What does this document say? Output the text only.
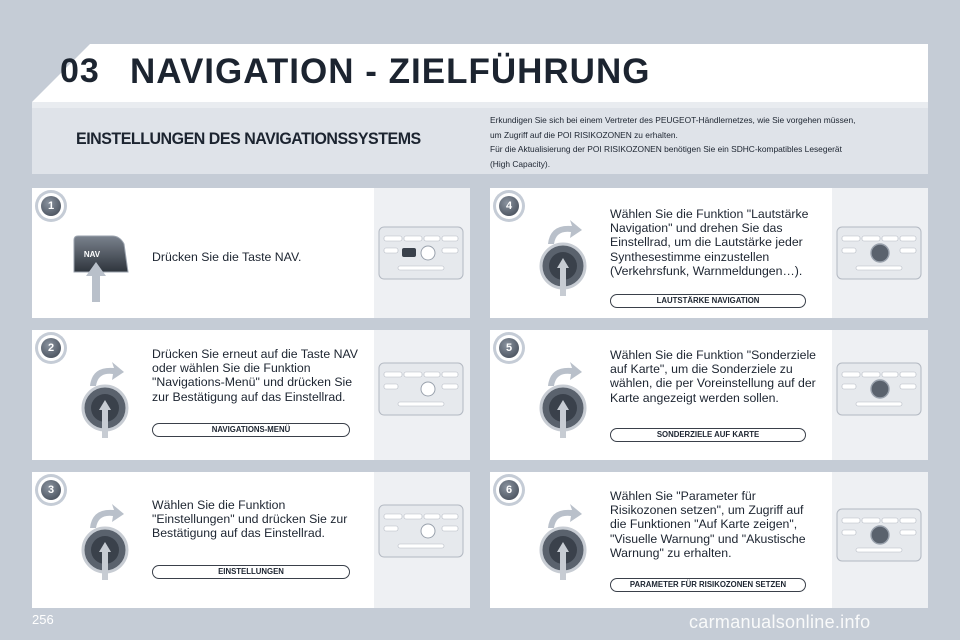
03 NAVIGATION - ZIELFÜHRUNG
EINSTELLUNGEN DES NAVIGATIONSSYSTEMS
Erkundigen Sie sich bei einem Vertreter des PEUGEOT-Händlernetzes, wie Sie vorgehen müssen,
um Zugriff auf die POI RISIKOZONEN zu erhalten.
Für die Aktualisierung der POI RISIKOZONEN benötigen Sie ein SDHC-kompatibles Lesegerät
(High Capacity).
1
2
3
4
5
6
NAV	Drücken Sie die Taste NAV.
Drücken Sie erneut auf die Taste NAV oder wählen Sie die Funktion "Navigations-Menü" und drücken Sie zur Bestätigung auf das Einstellrad.
Wählen Sie die Funktion "Einstellungen" und drücken Sie zur Bestätigung auf das Einstellrad.
Wählen Sie die Funktion "Lautstärke Navigation" und drehen Sie das Einstellrad, um die Lautstärke jeder Synthesestimme einzustellen (Verkehrsfunk, Warnmeldungen…).
Wählen Sie die Funktion "Sonderziele auf Karte", um die Sonderziele zu wählen, die per Voreinstellung auf der Karte angezeigt werden sollen.
Wählen Sie "Parameter für Risikozonen setzen", um Zugriff auf die Funktionen "Auf Karte zeigen", "Visuelle Warnung" und "Akustische Warnung" zu erhalten.
NAVIGATIONS-MENÜ
EINSTELLUNGEN
LAUTSTÄRKE NAVIGATION
SONDERZIELE AUF KARTE
PARAMETER FÜR RISIKOZONEN SETZEN
256	carmanualsonline.info
